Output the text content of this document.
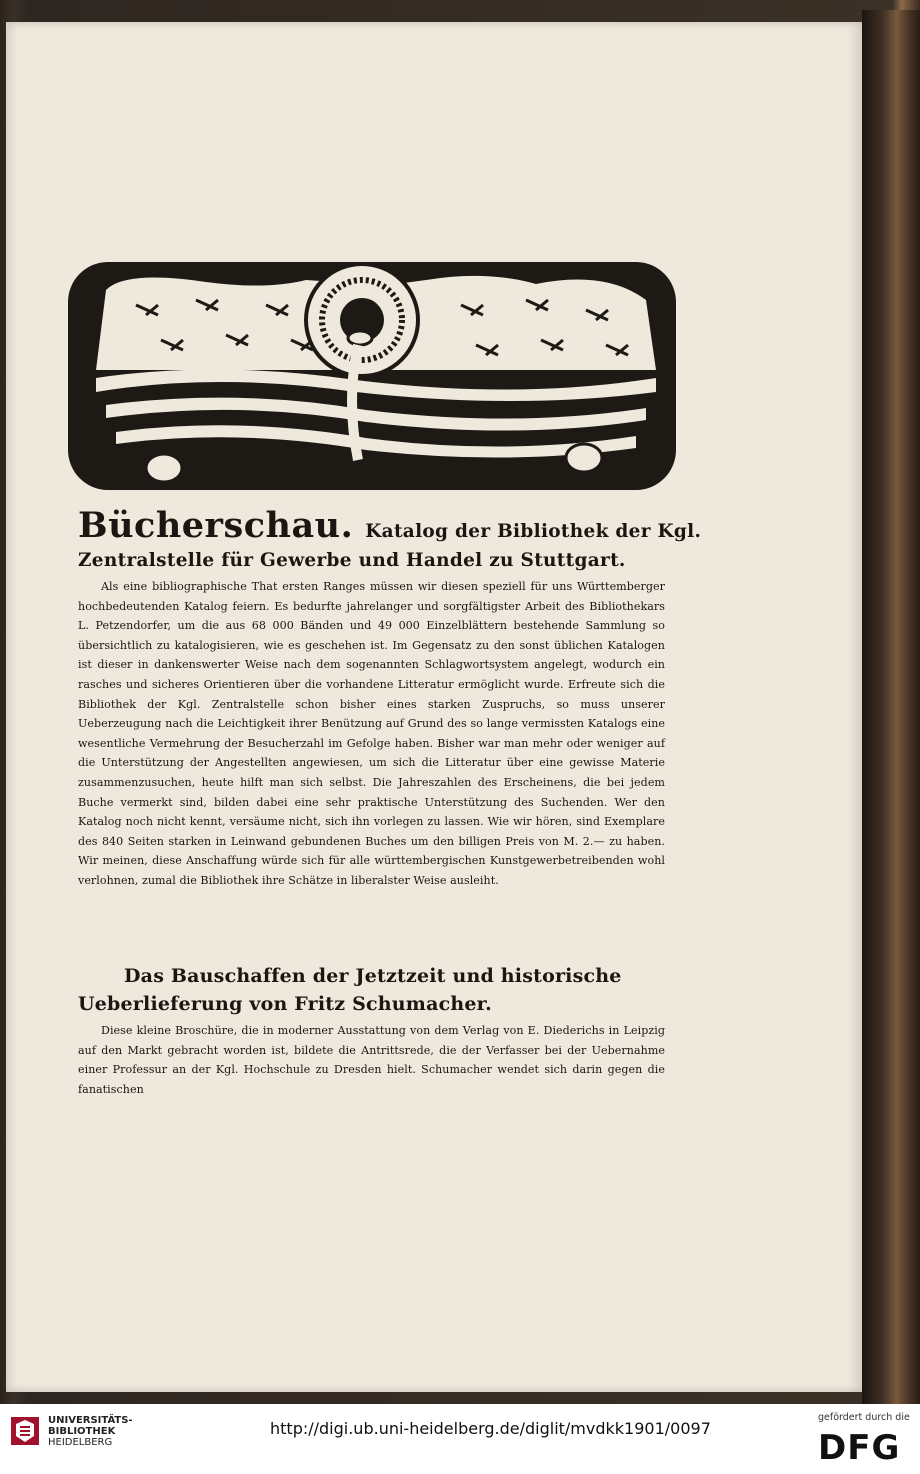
Bücherschau. Katalog der Bibliothek der Kgl.
Zentralstelle für Gewerbe und Handel zu Stuttgart.

Als eine bibliographische That ersten Ranges müssen wir diesen speziell für uns Württemberger hochbedeutenden Katalog feiern. Es bedurfte jahrelanger und sorgfältigster Arbeit des Bibliothekars L. Petzendorfer, um die aus 68 000 Bänden und 49 000 Einzelblättern bestehende Sammlung so übersichtlich zu katalogisieren, wie es geschehen ist. Im Gegensatz zu den sonst üblichen Katalogen ist dieser in dankenswerter Weise nach dem sogenannten Schlagwortsystem angelegt, wodurch ein rasches und sicheres Orientieren über die vorhandene Litteratur ermöglicht wurde. Erfreute sich die Bibliothek der Kgl. Zentralstelle schon bisher eines starken Zuspruchs, so muss unserer Ueberzeugung nach die Leichtigkeit ihrer Benützung auf Grund des so lange vermissten Katalogs eine wesentliche Vermehrung der Besucherzahl im Gefolge haben. Bisher war man mehr oder weniger auf die Unterstützung der Angestellten angewiesen, um sich die Litteratur über eine gewisse Materie zusammenzusuchen, heute hilft man sich selbst. Die Jahreszahlen des Erscheinens, die bei jedem Buche vermerkt sind, bilden dabei eine sehr praktische Unterstützung des Suchenden. Wer den Katalog noch nicht kennt, versäume nicht, sich ihn vorlegen zu lassen. Wie wir hören, sind Exemplare des 840 Seiten starken in Leinwand gebundenen Buches um den billigen Preis von M. 2.— zu haben. Wir meinen, diese Anschaffung würde sich für alle württembergischen Kunstgewerbetreibenden wohl verlohnen, zumal die Bibliothek ihre Schätze in liberalster Weise ausleiht.

Das Bauschaffen der Jetztzeit und historische Ueberlieferung von Fritz Schumacher.

Diese kleine Broschüre, die in moderner Ausstattung von dem Verlag von E. Diederichs in Leipzig auf den Markt gebracht worden ist, bildete die Antrittsrede, die der Verfasser bei der Uebernahme einer Professur an der Kgl. Hochschule zu Dresden hielt. Schumacher wendet sich darin gegen die fanatischen

UNIVERSITÄTS-
BIBLIOTHEK
HEIDELBERG
http://digi.ub.uni-heidelberg.de/diglit/mvdkk1901/0097
gefördert durch die
DFG
